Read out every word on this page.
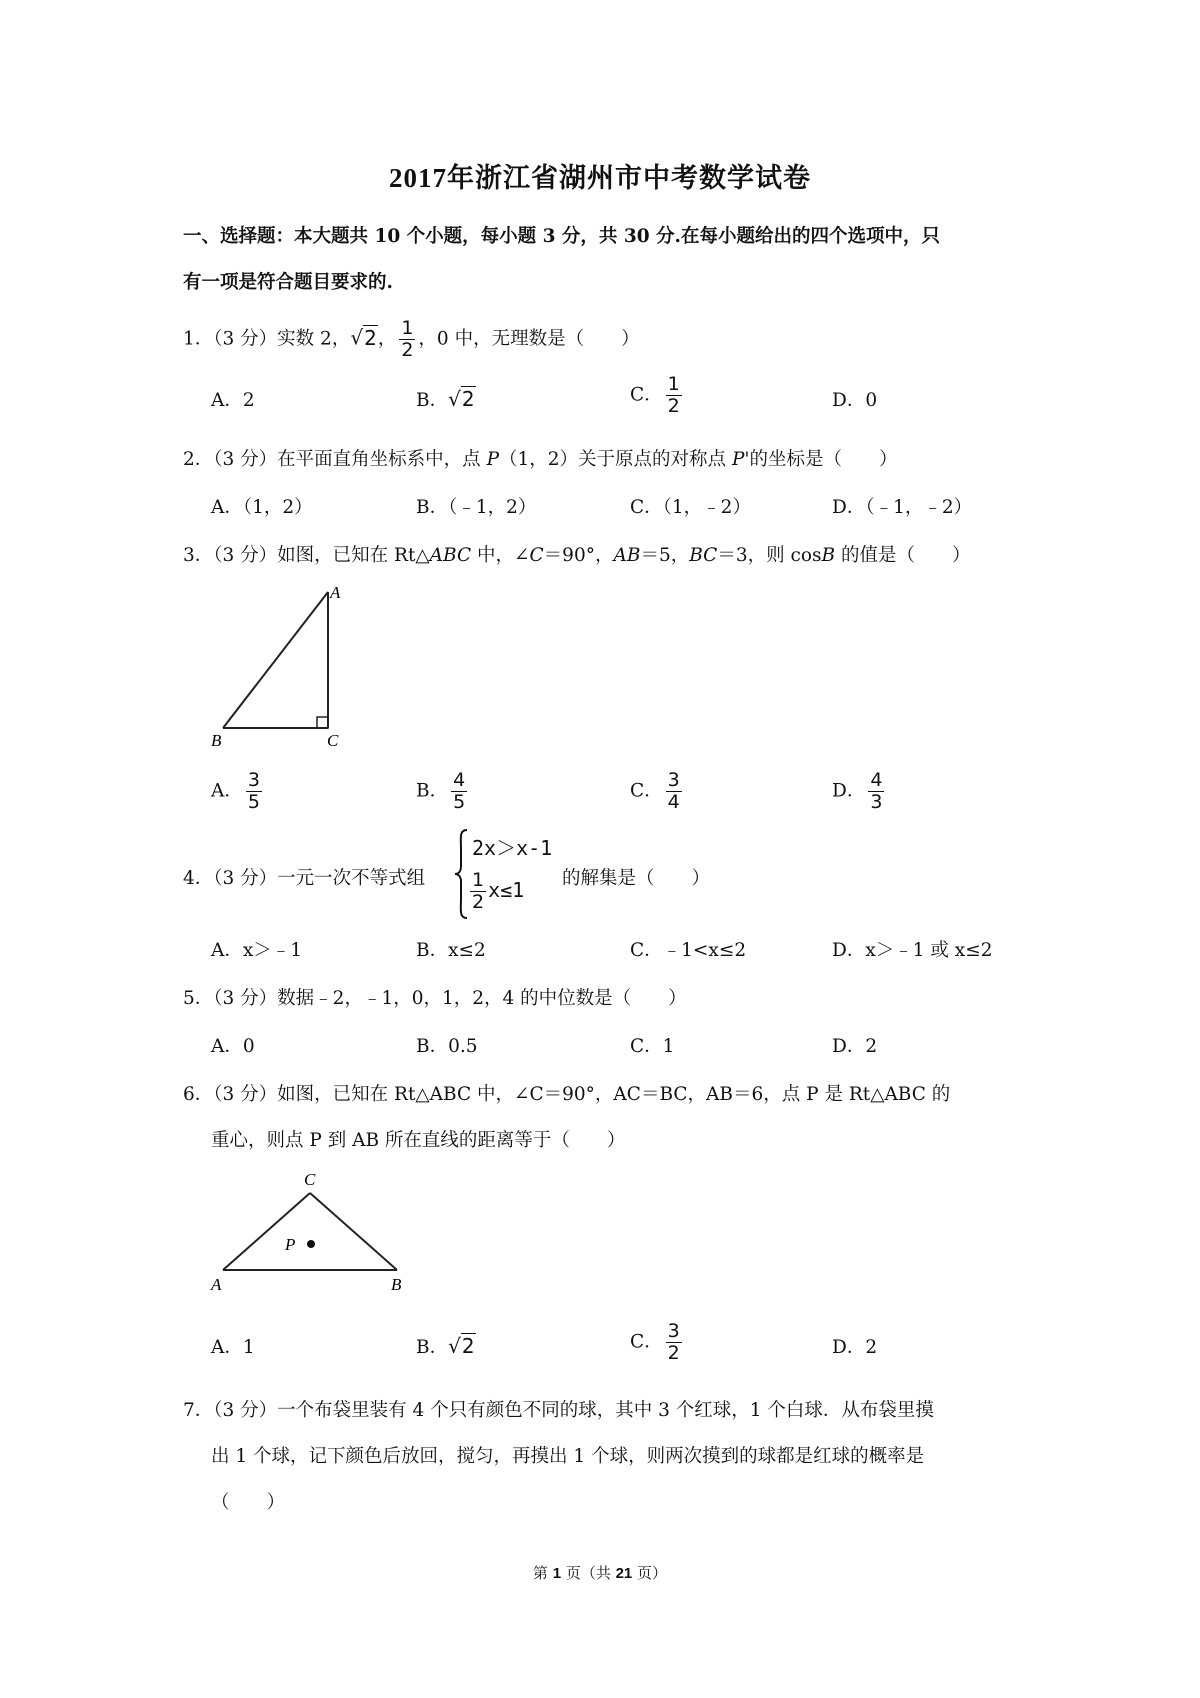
2017年浙江省湖州市中考数学试卷
一、选择题：本大题共 10 个小题，每小题 3 分，共 30 分.在每小题给出的四个选项中，只
有一项是符合题目要求的.
1．（3 分）实数 2，√2， $\frac{1}{2}$ ，0 中，无理数是（　　）
A．2	B．√2	C． $\frac{1}{2}$	D．0
2．（3 分）在平面直角坐标系中，点 P（1，2）关于原点的对称点 P'的坐标是（　　）
A．（1，2）	B．（﹣1，2）	C．（1，﹣2）	D．（﹣1，﹣2）
3．（3 分）如图，已知在 Rt△ABC 中，∠C＝90°，AB＝5，BC＝3，则 cosB 的值是（　　）
A
B	C
A． $\frac{3}{5}$	B． $\frac{4}{5}$	C． $\frac{3}{4}$	D． $\frac{4}{3}$
4．（3 分）一元一次不等式组
2x＞x-1
$\frac{1}{2} x\le 1$ 的解集是（　　）
A．x＞﹣1	B．x≤2	C．﹣1<x≤2	D．x＞﹣1 或 x≤2
5．（3 分）数据﹣2，﹣1，0，1，2，4 的中位数是（　　）
A．0	B．0.5	C．1	D．2
6．（3 分）如图，已知在 Rt△ABC 中，∠C＝90°，AC＝BC，AB＝6，点 P 是 Rt△ABC 的
重心，则点 P 到 AB 所在直线的距离等于（　　）
C
A	B
P
A．1	B．√2	C． $\frac{3}{2}$	D．2
7．（3 分）一个布袋里装有 4 个只有颜色不同的球，其中 3 个红球，1 个白球．从布袋里摸
出 1 个球，记下颜色后放回，搅匀，再摸出 1 个球，则两次摸到的球都是红球的概率是
（　　）
第 1 页（共 21 页）
